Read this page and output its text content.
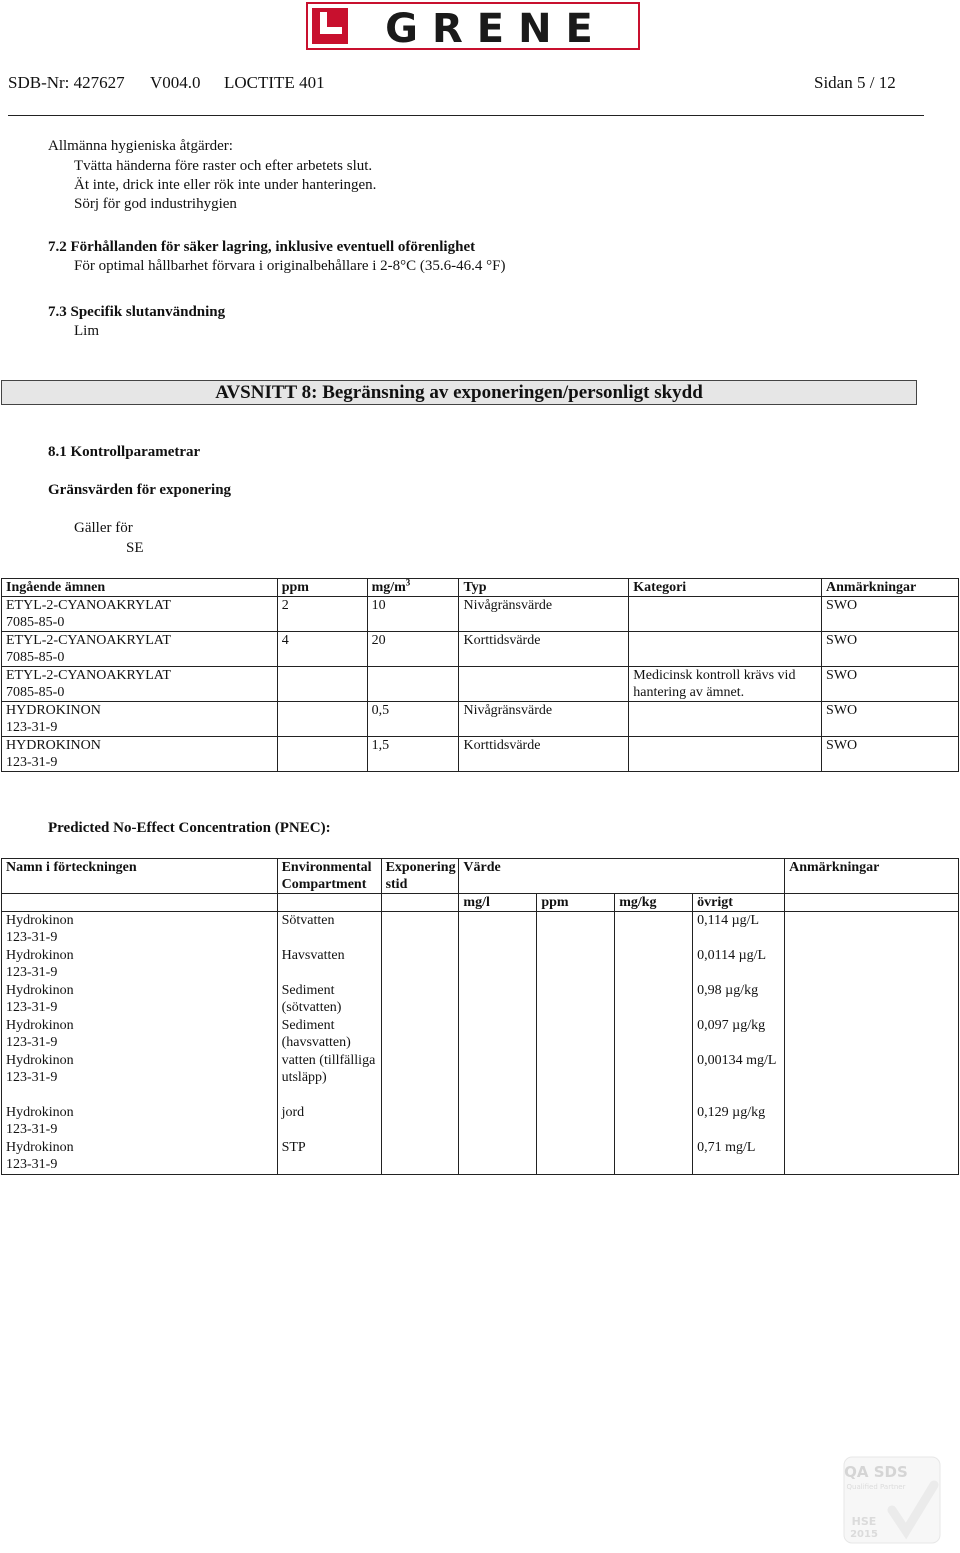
GRENE
SDB-Nr: 427627 V004.0 LOCTITE 401	Sidan 5 / 12
Allmänna hygieniska åtgärder:
Tvätta händerna före raster och efter arbetets slut.
Ät inte, drick inte eller rök inte under hanteringen.
Sörj för god industrihygien
7.2 Förhållanden för säker lagring, inklusive eventuell oförenlighet
För optimal hållbarhet förvara i originalbehållare i 2-8°C (35.6-46.4 °F)
7.3 Specifik slutanvändning
Lim
AVSNITT 8: Begränsning av exponeringen/personligt skydd
8.1 Kontrollparametrar
Gränsvärden för exponering
Gäller för
SE
Ingående ämnen	ppm	$mg/m^3$	Typ	Kategori	Anmärkningar

ETYL-2-CYANOAKRYLAT
7085-85-0	2	10	Nivågränsvärde		SWO

ETYL-2-CYANOAKRYLAT
7085-85-0	4	20	Korttidsvärde		SWO

ETYL-2-CYANOAKRYLAT
7085-85-0				Medicinsk kontroll krävs vid hantering av ämnet.	SWO

HYDROKINON
123-31-9		0,5	Nivågränsvärde		SWO

HYDROKINON
123-31-9		1,5	Korttidsvärde		SWO
Predicted No-Effect Concentration (PNEC):
Namn i förteckningen	Environmental Compartment	Exponeringstid	Värde				Anmärkningar
			mg/l	ppm	mg/kg	övrigt	

Hydrokinon
123-31-9	Sötvatten					0,114 µg/L	

Hydrokinon
123-31-9	Havsvatten					0,0114 µg/L	

Hydrokinon
123-31-9	Sediment (sötvatten)					0,98 µg/kg	

Hydrokinon
123-31-9	Sediment (havsvatten)					0,097 µg/kg	

Hydrokinon
123-31-9	vatten (tillfälliga utsläpp)					0,00134 mg/L	

Hydrokinon
123-31-9	jord					0,129 µg/kg	

Hydrokinon
123-31-9	STP					0,71 mg/L	
QA SDS
Qualified Partner
HSE
2015
